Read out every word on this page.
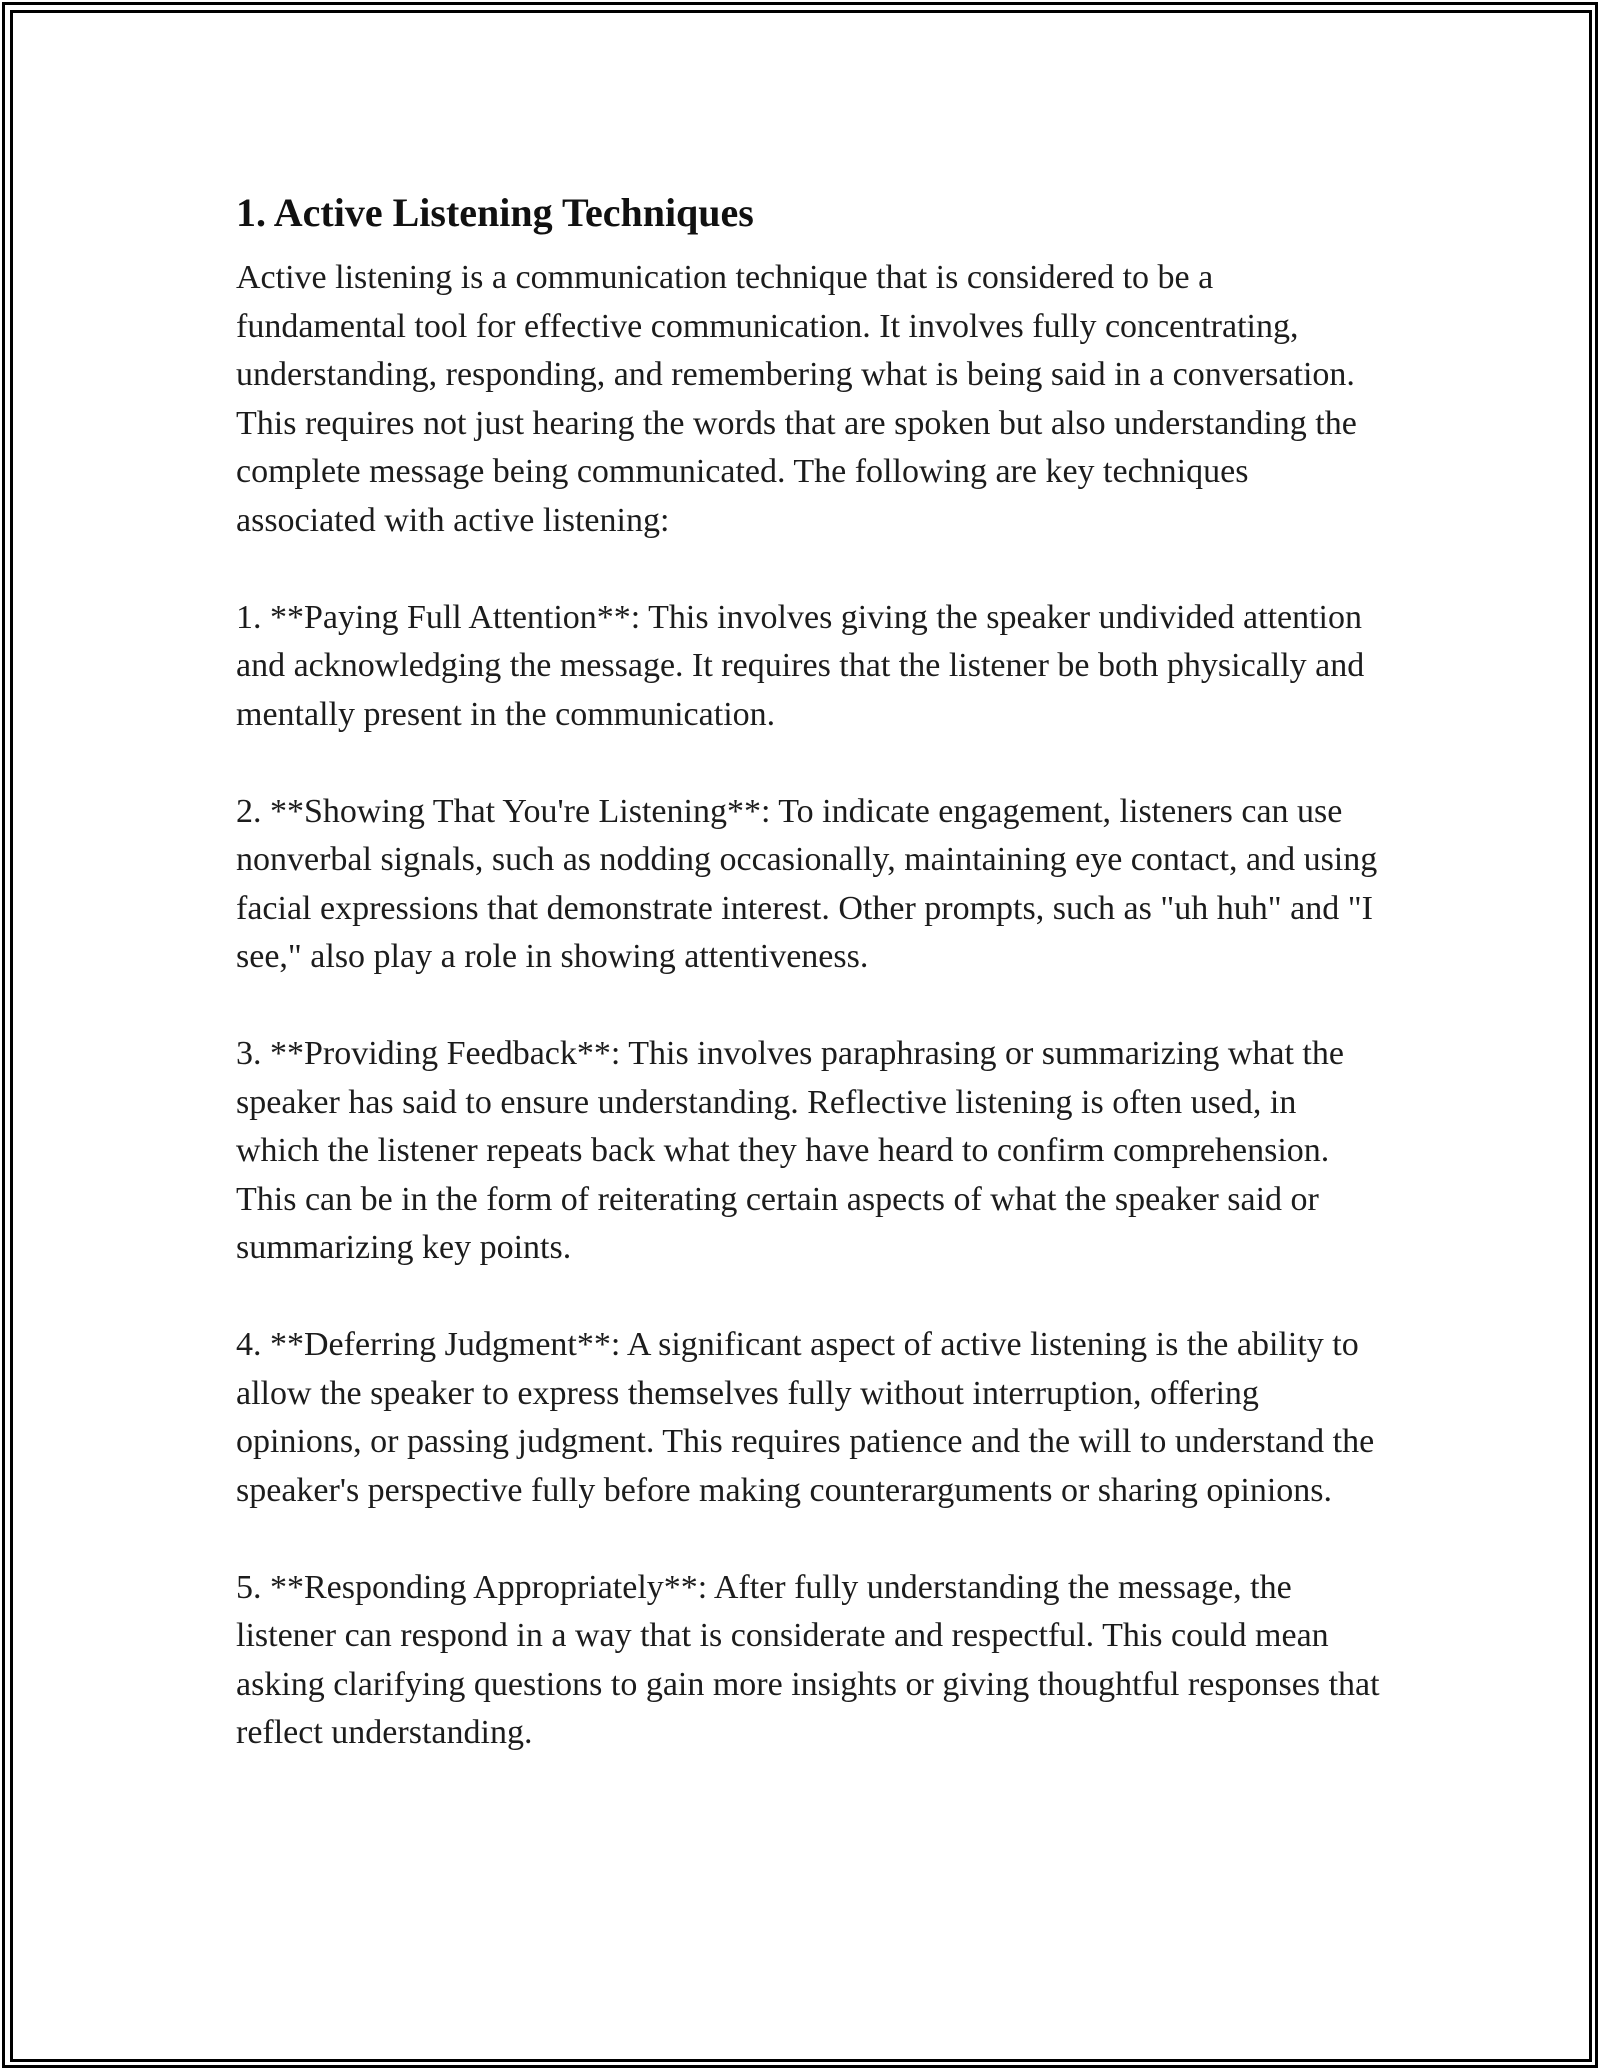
1. Active Listening Techniques

Active listening is a communication technique that is considered to be a fundamental tool for effective communication. It involves fully concentrating, understanding, responding, and remembering what is being said in a conversation. This requires not just hearing the words that are spoken but also understanding the complete message being communicated. The following are key techniques associated with active listening:

1. **Paying Full Attention**: This involves giving the speaker undivided attention and acknowledging the message. It requires that the listener be both physically and mentally present in the communication.

2. **Showing That You're Listening**: To indicate engagement, listeners can use nonverbal signals, such as nodding occasionally, maintaining eye contact, and using facial expressions that demonstrate interest. Other prompts, such as "uh huh" and "I see," also play a role in showing attentiveness.

3. **Providing Feedback**: This involves paraphrasing or summarizing what the speaker has said to ensure understanding. Reflective listening is often used, in which the listener repeats back what they have heard to confirm comprehension. This can be in the form of reiterating certain aspects of what the speaker said or summarizing key points.

4. **Deferring Judgment**: A significant aspect of active listening is the ability to allow the speaker to express themselves fully without interruption, offering opinions, or passing judgment. This requires patience and the will to understand the speaker's perspective fully before making counterarguments or sharing opinions.

5. **Responding Appropriately**: After fully understanding the message, the listener can respond in a way that is considerate and respectful. This could mean asking clarifying questions to gain more insights or giving thoughtful responses that reflect understanding.
